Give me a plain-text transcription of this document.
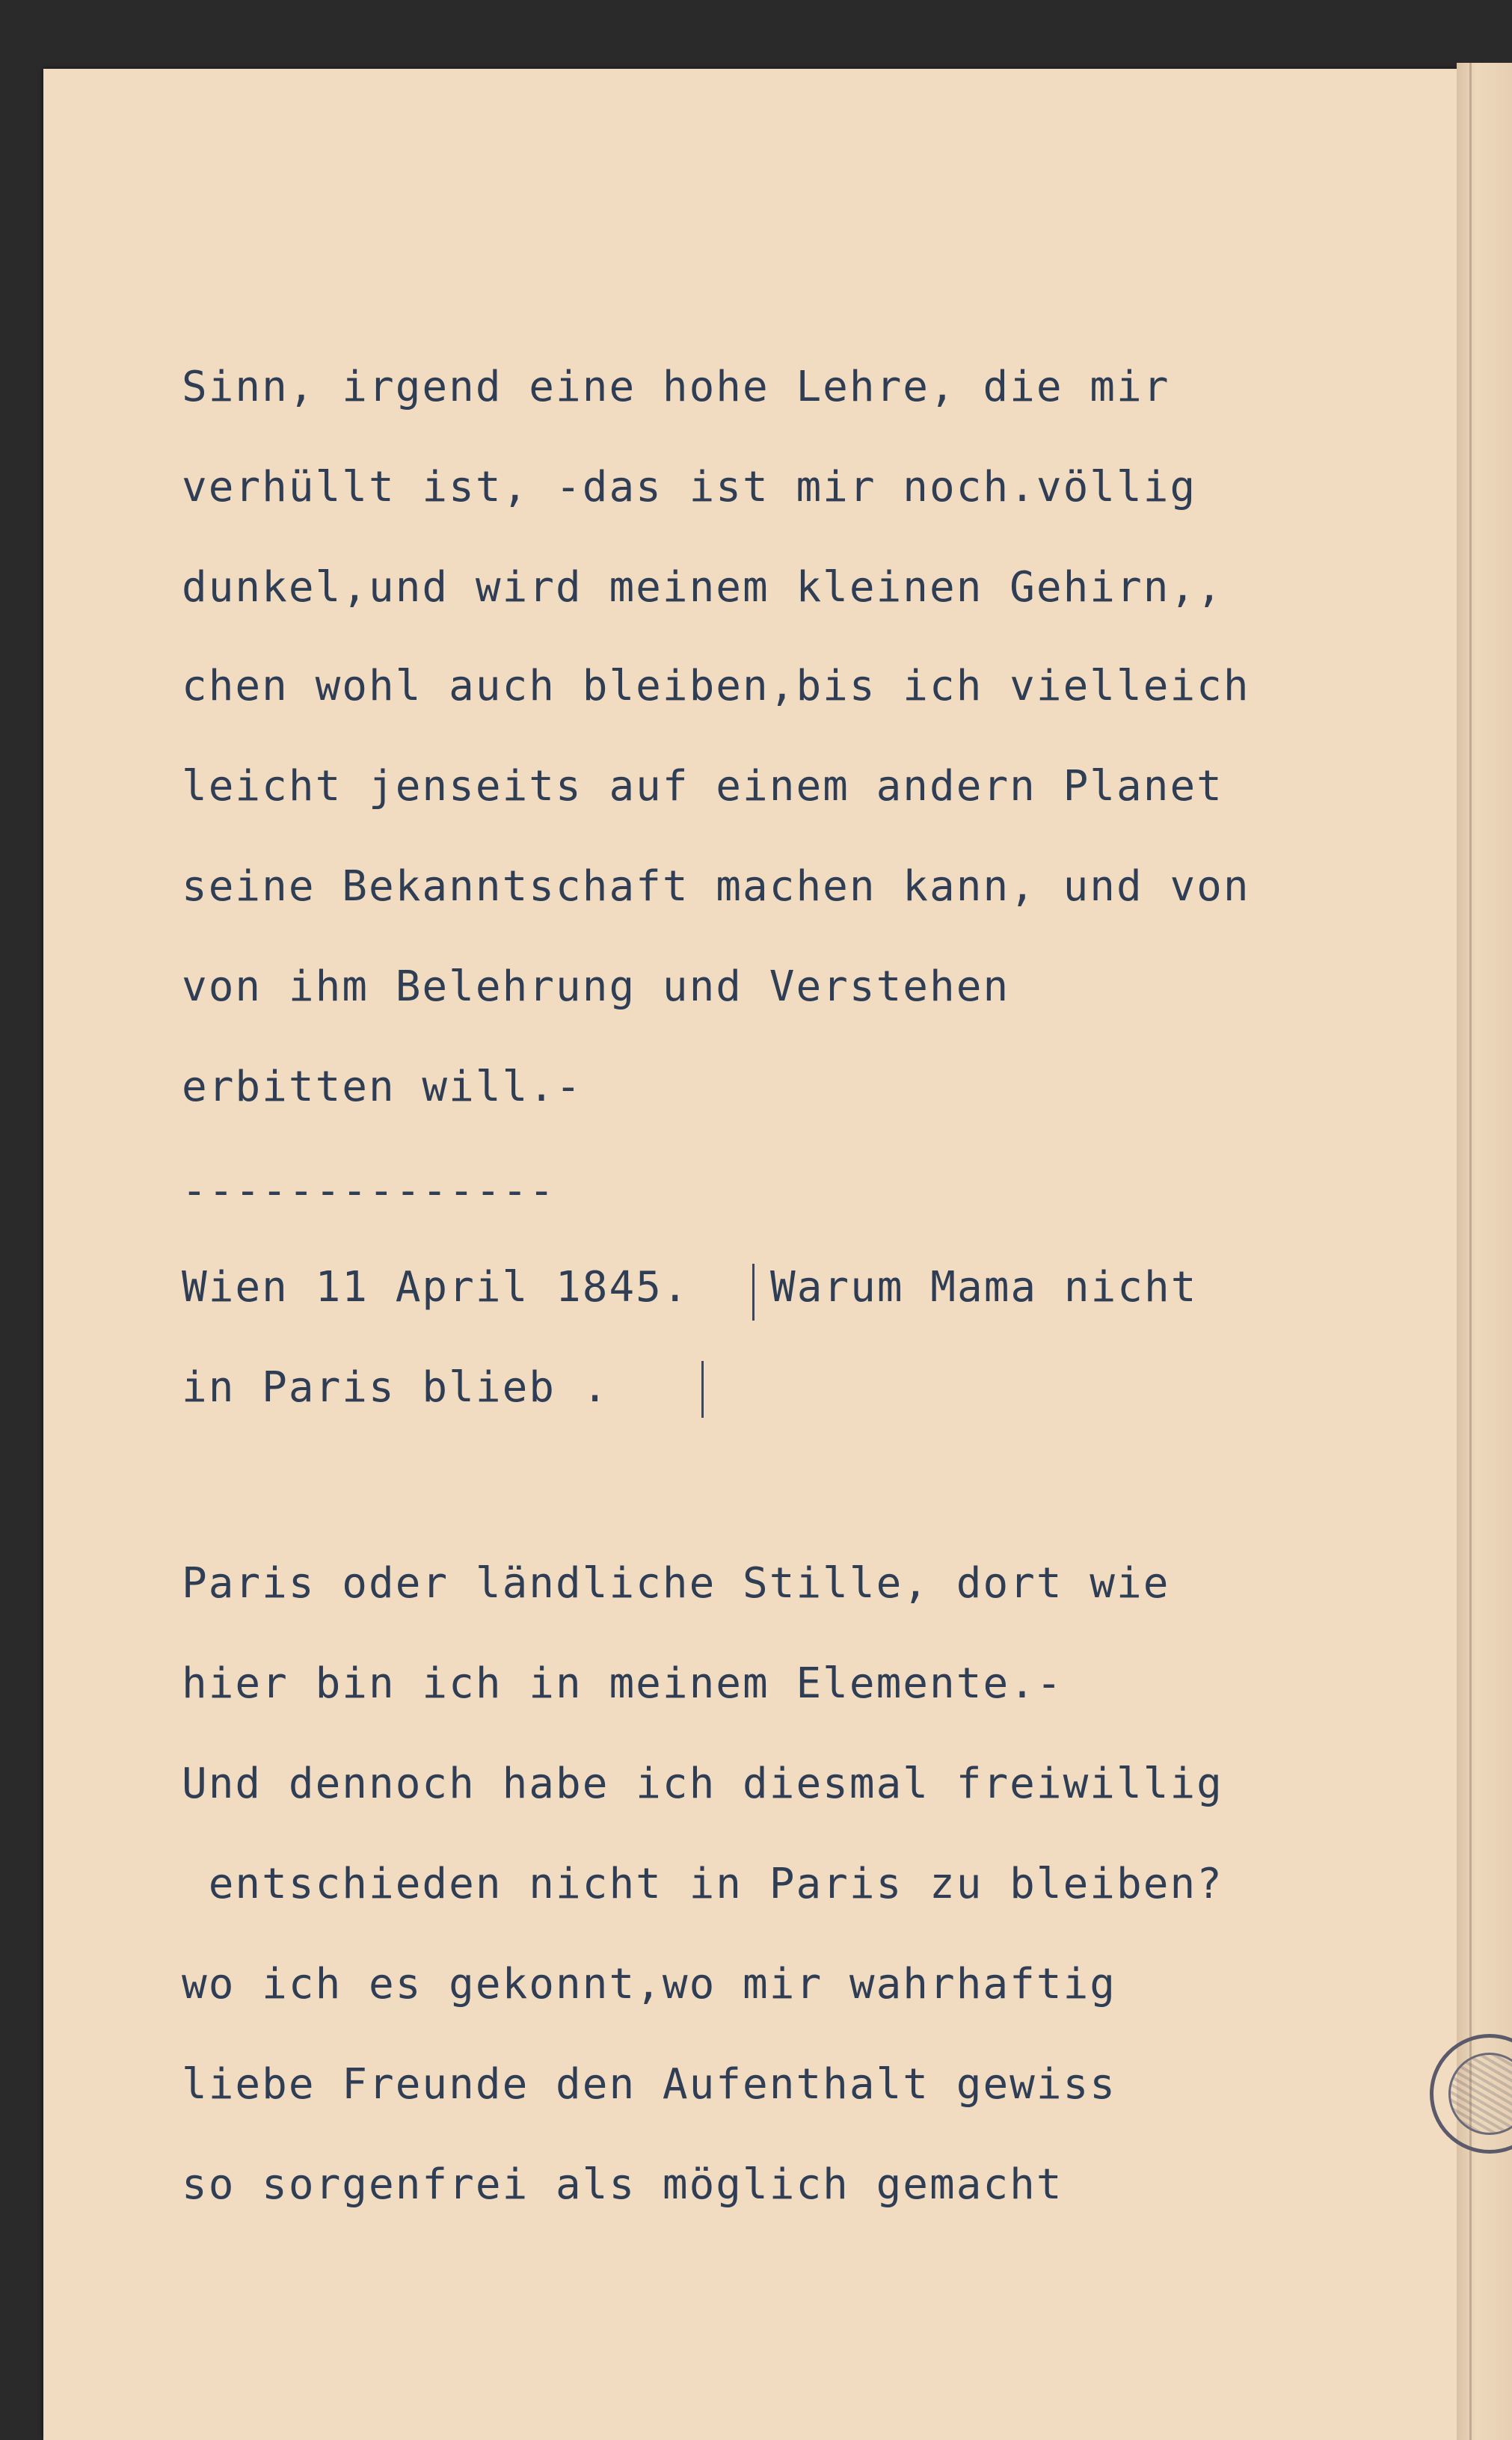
Sinn, irgend eine hohe Lehre, die mir
verhüllt ist, -das ist mir noch.völlig
dunkel,und wird meinem kleinen Gehirn,,
chen wohl auch bleiben,bis ich vielleich
leicht jenseits auf einem andern Planet
seine Bekanntschaft machen kann, und von
von ihm Belehrung und Verstehen
erbitten will.-
--------------
Wien 11 April 1845. Warum Mama nicht
in Paris blieb .
Paris oder ländliche Stille, dort wie
hier bin ich in meinem Elemente.-
Und dennoch habe ich diesmal freiwillig
entschieden nicht in Paris zu bleiben?
wo ich es gekonnt,wo mir wahrhaftig
liebe Freunde den Aufenthalt gewiss
so sorgenfrei als möglich gemacht
